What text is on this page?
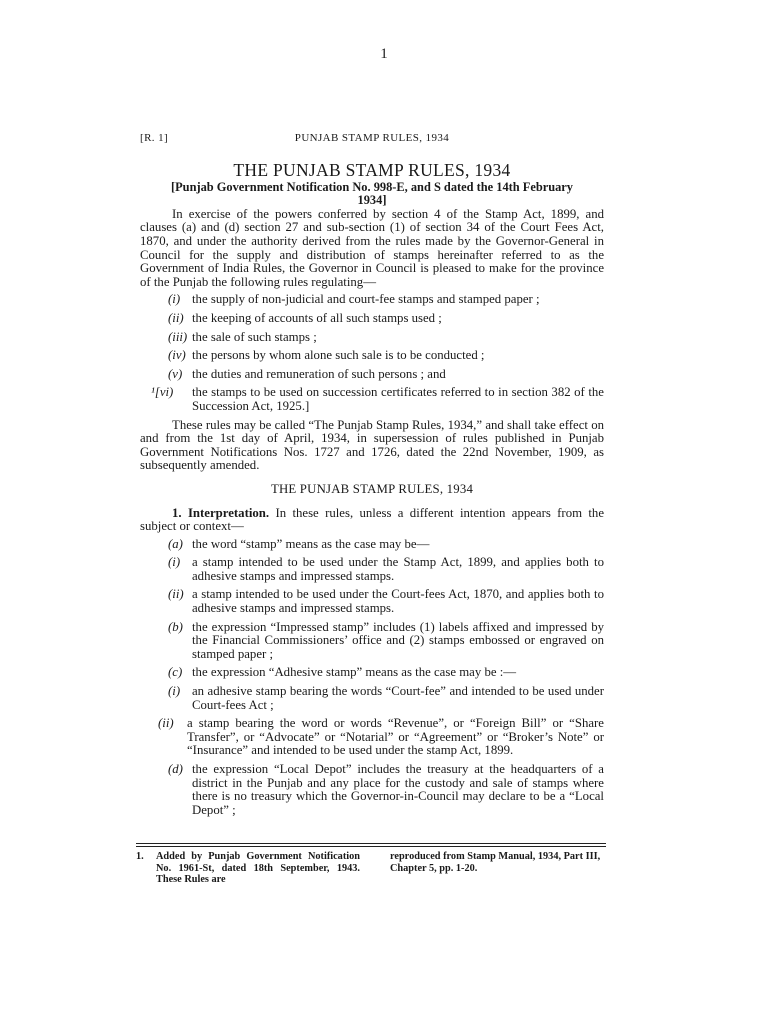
1
[R. 1]	PUNJAB STAMP RULES, 1934
THE PUNJAB STAMP RULES, 1934
[Punjab Government Notification No. 998-E, and S dated the 14th February 1934]

In exercise of the powers conferred by section 4 of the Stamp Act, 1899, and clauses (a) and (d) section 27 and sub-section (1) of section 34 of the Court Fees Act, 1870, and under the authority derived from the rules made by the Governor-General in Council for the supply and distribution of stamps hereinafter referred to as the Government of India Rules, the Governor in Council is pleased to make for the province of the Punjab the following rules regulating—

(i) the supply of non-judicial and court-fee stamps and stamped paper ;
(ii) the keeping of accounts of all such stamps used ;
(iii) the sale of such stamps ;
(iv) the persons by whom alone such sale is to be conducted ;
(v) the duties and remuneration of such persons ; and
¹[vi) the stamps to be used on succession certificates referred to in section 382 of the Succession Act, 1925.]

These rules may be called “The Punjab Stamp Rules, 1934,” and shall take effect on and from the 1st day of April, 1934, in supersession of rules published in Punjab Government Notifications Nos. 1727 and 1726, dated the 22nd November, 1909, as subsequently amended.

THE PUNJAB STAMP RULES, 1934

1. Interpretation. In these rules, unless a different intention appears from the subject or context—

(a) the word “stamp” means as the case may be—
(i) a stamp intended to be used under the Stamp Act, 1899, and applies both to adhesive stamps and impressed stamps.
(ii) a stamp intended to be used under the Court-fees Act, 1870, and applies both to adhesive stamps and impressed stamps.
(b) the expression “Impressed stamp” includes (1) labels affixed and impressed by the Financial Commissioners’ office and (2) stamps embossed or engraved on stamped paper ;
(c) the expression “Adhesive stamp” means as the case may be :—
(i) an adhesive stamp bearing the words “Court-fee” and intended to be used under Court-fees Act ;
(ii) a stamp bearing the word or words “Revenue”, or “Foreign Bill” or “Share Transfer”, or “Advocate” or “Notarial” or “Agreement” or “Broker’s Note” or “Insurance” and intended to be used under the stamp Act, 1899.
(d) the expression “Local Depot” includes the treasury at the headquarters of a district in the Punjab and any place for the custody and sale of stamps where there is no treasury which the Governor-in-Council may declare to be a “Local Depot” ;
1.	Added by Punjab Government Notification No. 1961-St, dated 18th September, 1943. These Rules are
reproduced from Stamp Manual, 1934, Part III, Chapter 5, pp. 1-20.
